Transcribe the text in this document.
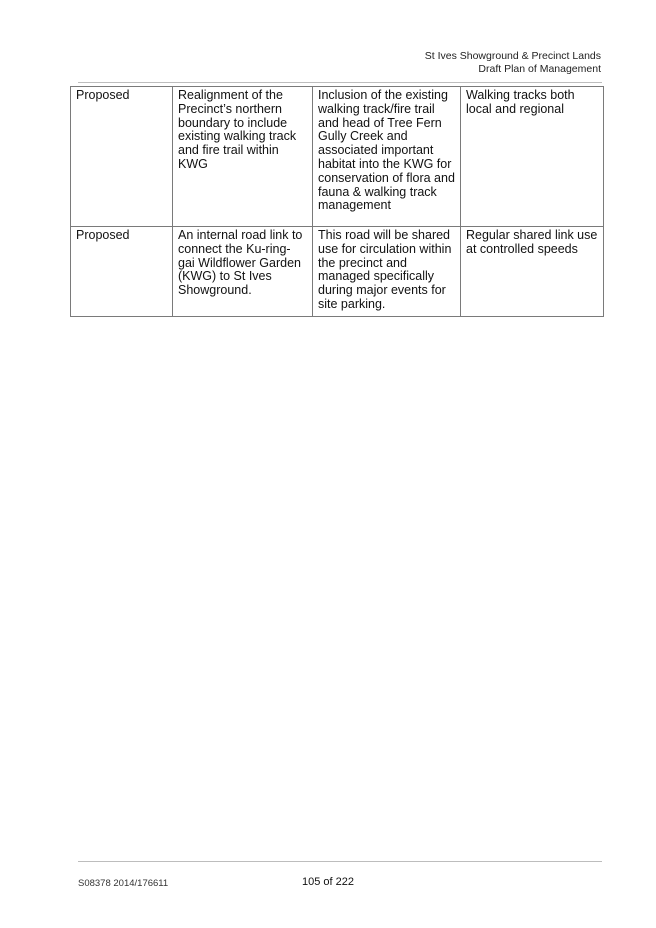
St Ives Showground & Precinct Lands
Draft Plan of Management
Proposed	Realignment of the Precinct’s northern boundary to include existing walking track and fire trail within KWG	Inclusion of the existing walking track/fire trail and head of Tree Fern Gully Creek and associated important habitat into the KWG for conservation of flora and fauna & walking track management	Walking tracks both local and regional
Proposed	An internal road link to connect the Ku-ring-gai Wildflower Garden (KWG) to St Ives Showground.	This road will be shared use for circulation within the precinct and managed specifically during major events for site parking.	Regular shared link use at controlled speeds
S08378 2014/176611	105 of 222
